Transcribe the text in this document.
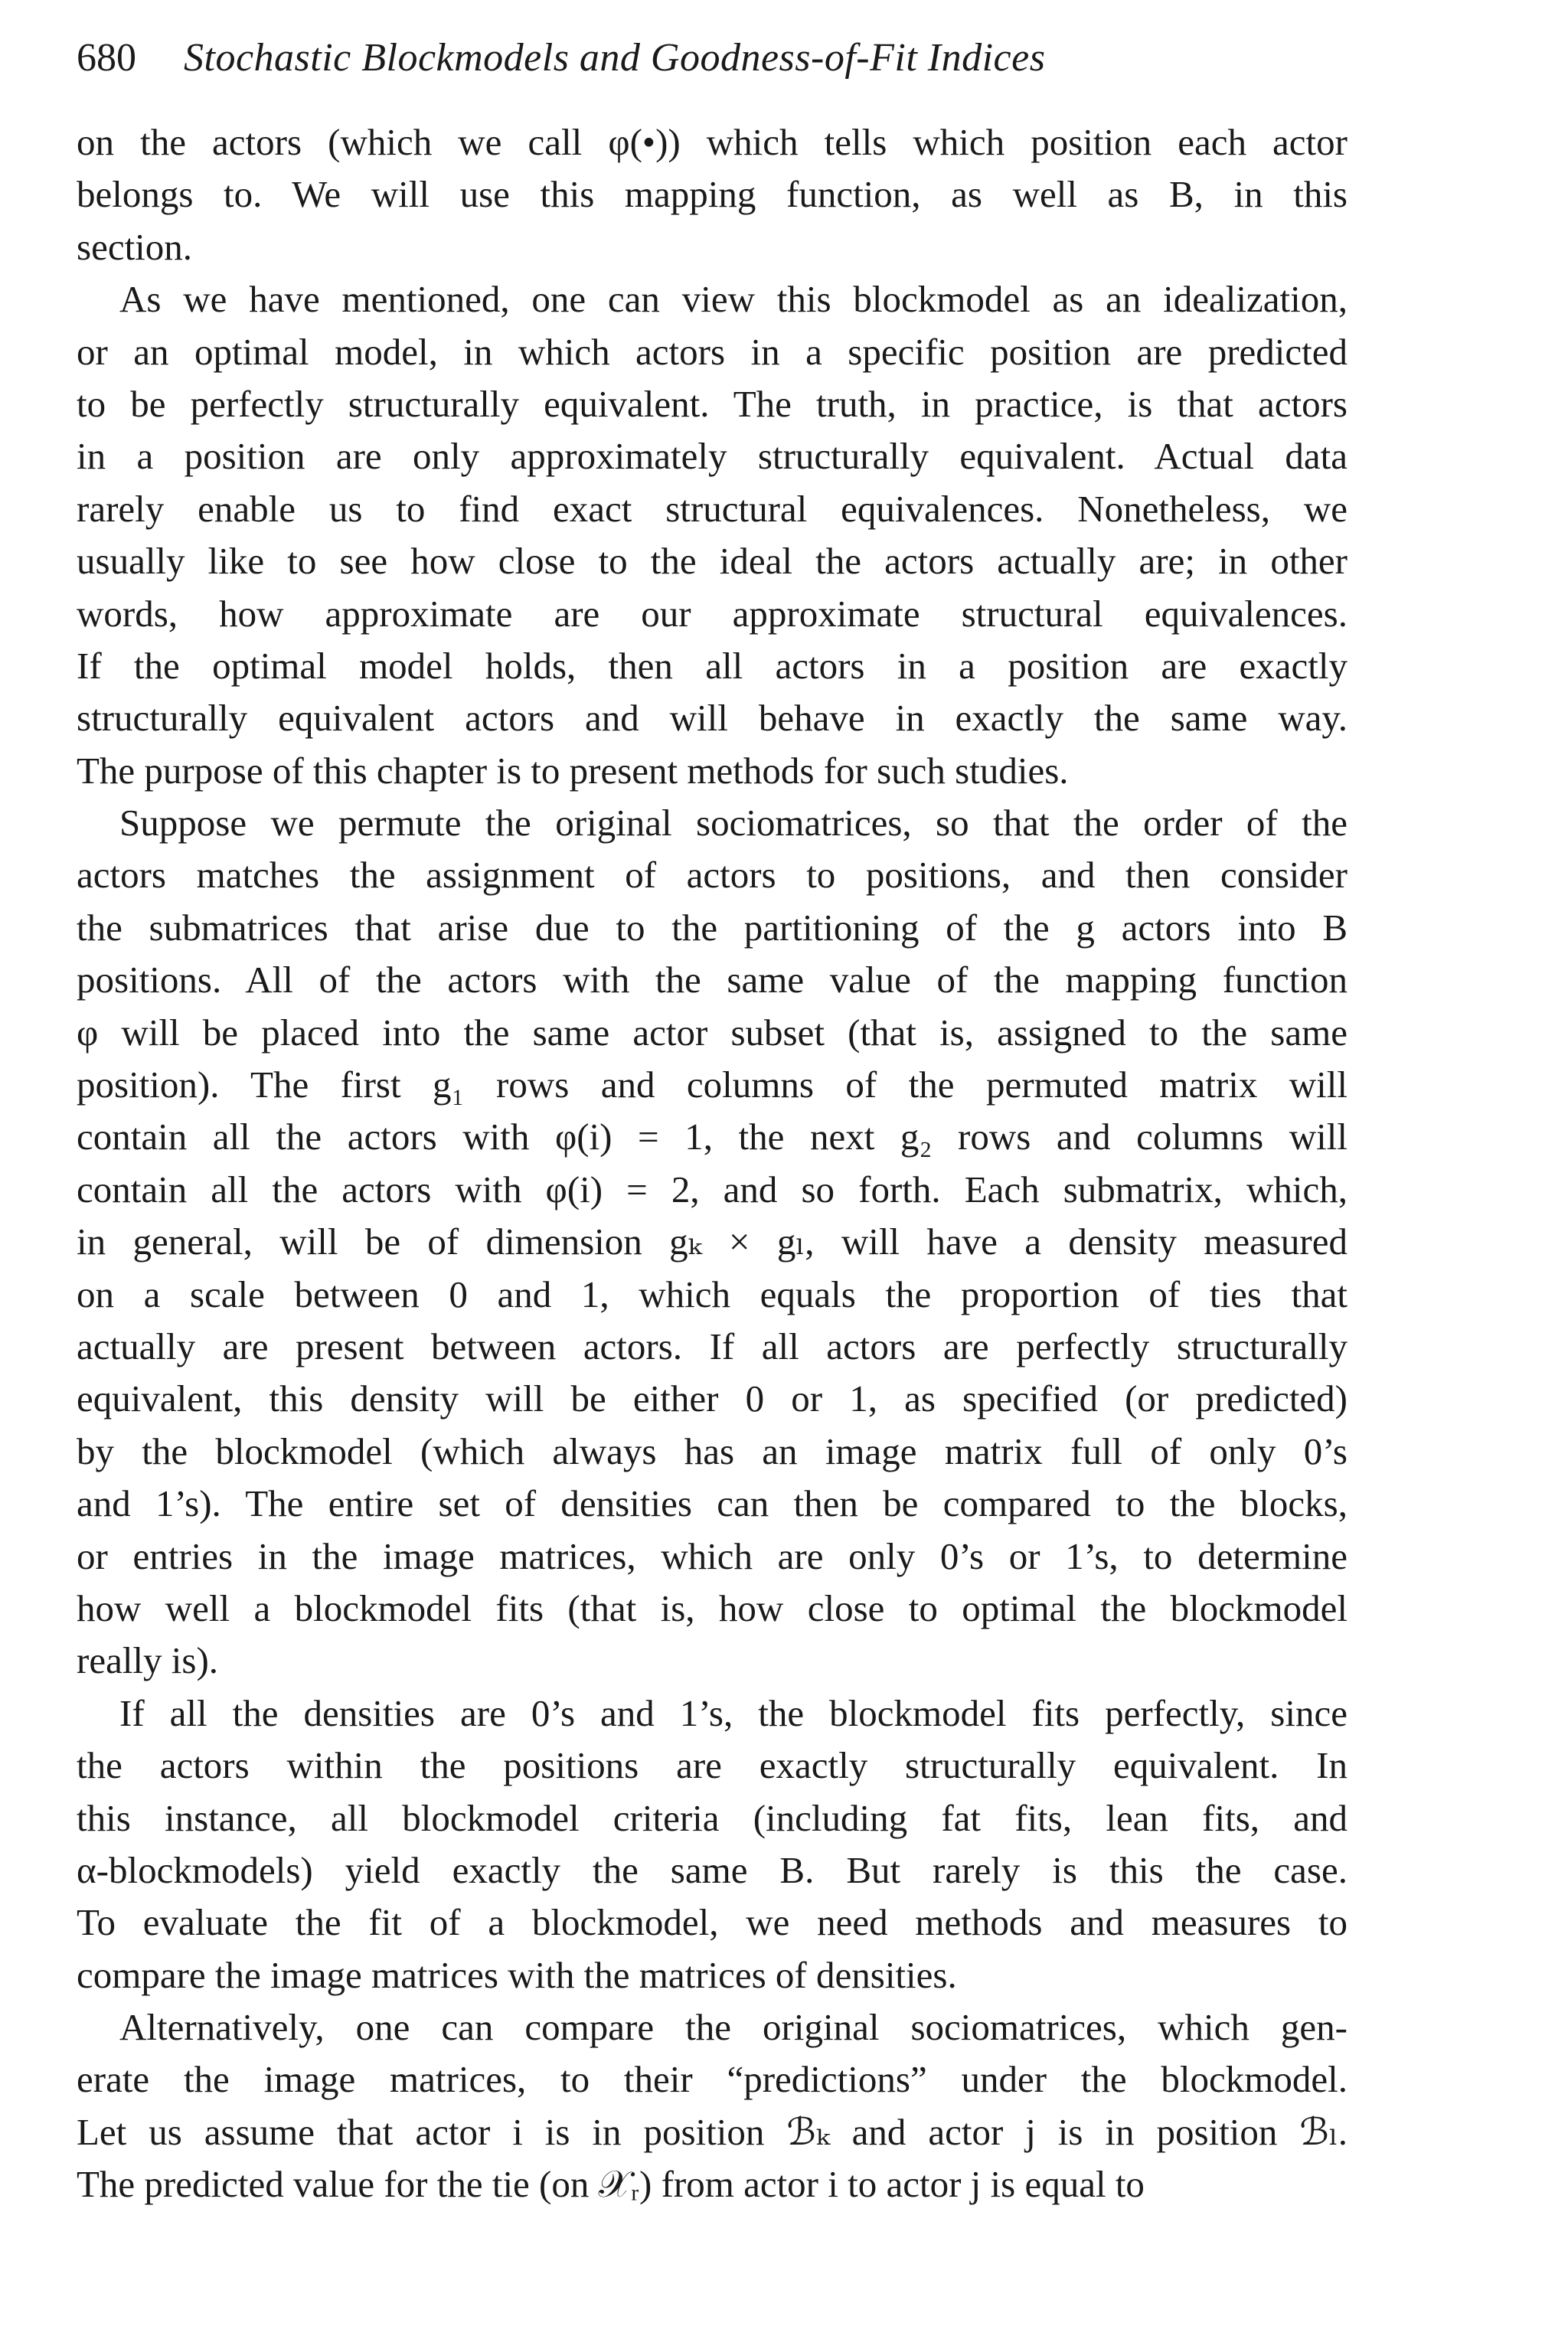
680 Stochastic Blockmodels and Goodness-of-Fit Indices
on the actors (which we call φ(•)) which tells which position each actor
belongs to. We will use this mapping function, as well as B, in this
section.
As we have mentioned, one can view this blockmodel as an idealization,
or an optimal model, in which actors in a specific position are predicted
to be perfectly structurally equivalent. The truth, in practice, is that actors
in a position are only approximately structurally equivalent. Actual data
rarely enable us to find exact structural equivalences. Nonetheless, we
usually like to see how close to the ideal the actors actually are; in other
words, how approximate are our approximate structural equivalences.
If the optimal model holds, then all actors in a position are exactly
structurally equivalent actors and will behave in exactly the same way.
The purpose of this chapter is to present methods for such studies.
Suppose we permute the original sociomatrices, so that the order of the
actors matches the assignment of actors to positions, and then consider
the submatrices that arise due to the partitioning of the g actors into B
positions. All of the actors with the same value of the mapping function
φ will be placed into the same actor subset (that is, assigned to the same
position). The first g₁ rows and columns of the permuted matrix will
contain all the actors with φ(i) = 1, the next g₂ rows and columns will
contain all the actors with φ(i) = 2, and so forth. Each submatrix, which,
in general, will be of dimension gₖ × gₗ, will have a density measured
on a scale between 0 and 1, which equals the proportion of ties that
actually are present between actors. If all actors are perfectly structurally
equivalent, this density will be either 0 or 1, as specified (or predicted)
by the blockmodel (which always has an image matrix full of only 0’s
and 1’s). The entire set of densities can then be compared to the blocks,
or entries in the image matrices, which are only 0’s or 1’s, to determine
how well a blockmodel fits (that is, how close to optimal the blockmodel
really is).
If all the densities are 0’s and 1’s, the blockmodel fits perfectly, since
the actors within the positions are exactly structurally equivalent. In
this instance, all blockmodel criteria (including fat fits, lean fits, and
α-blockmodels) yield exactly the same B. But rarely is this the case.
To evaluate the fit of a blockmodel, we need methods and measures to
compare the image matrices with the matrices of densities.
Alternatively, one can compare the original sociomatrices, which gen-
erate the image matrices, to their “predictions” under the blockmodel.
Let us assume that actor i is in position ℬₖ and actor j is in position ℬₗ.
The predicted value for the tie (on 𝒳ᵣ) from actor i to actor j is equal to
